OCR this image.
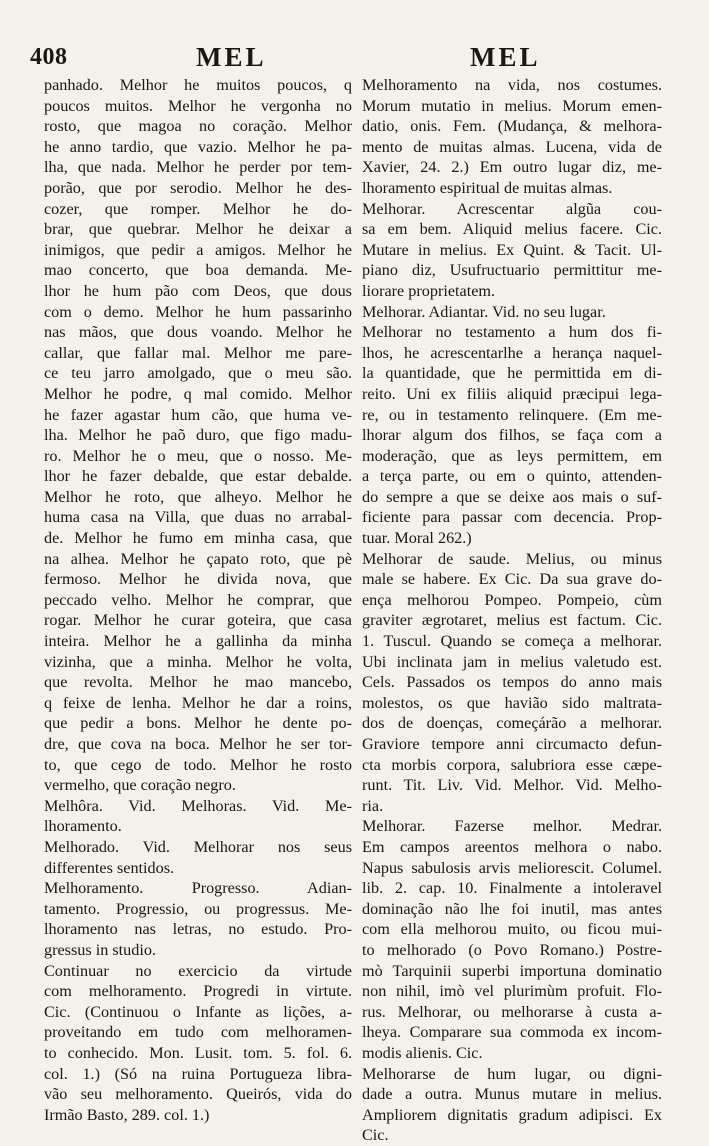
408	MEL	MEL
panhado. Melhor he muitos poucos, q
poucos muitos. Melhor he vergonha no
rosto, que magoa no coração. Melhor
he anno tardio, que vazio. Melhor he pa-
lha, que nada. Melhor he perder por tem-
porão, que por serodio. Melhor he des-
cozer, que romper. Melhor he do-
brar, que quebrar. Melhor he deixar a
inimigos, que pedir a amigos. Melhor he
mao concerto, que boa demanda. Me-
lhor he hum pão com Deos, que dous
com o demo. Melhor he hum passarinho
nas mãos, que dous voando. Melhor he
callar, que fallar mal. Melhor me pare-
ce teu jarro amolgado, que o meu são.
Melhor he podre, q mal comido. Melhor
he fazer agastar hum cão, que huma ve-
lha. Melhor he paõ duro, que figo madu-
ro. Melhor he o meu, que o nosso. Me-
lhor he fazer debalde, que estar debalde.
Melhor he roto, que alheyo. Melhor he
huma casa na Villa, que duas no arrabal-
de. Melhor he fumo em minha casa, que
na alhea. Melhor he çapato roto, que pè
fermoso. Melhor he divida nova, que
peccado velho. Melhor he comprar, que
rogar. Melhor he curar goteira, que casa
inteira. Melhor he a gallinha da minha
vizinha, que a minha. Melhor he volta,
que revolta. Melhor he mao mancebo,
q feixe de lenha. Melhor he dar a roins,
que pedir a bons. Melhor he dente po-
dre, que cova na boca. Melhor he ser tor-
to, que cego de todo. Melhor he rosto
vermelho, que coração negro.
Melhôra. Vid. Melhoras. Vid. Me-
lhoramento.
Melhorado. Vid. Melhorar nos seus
differentes sentidos.
Melhoramento. Progresso. Adian-
tamento. Progressio, ou progressus. Me-
lhoramento nas letras, no estudo. Pro-
gressus in studio.
Continuar no exercicio da virtude
com melhoramento. Progredi in virtute.
Cic. (Continuou o Infante as lições, a-
proveitando em tudo com melhoramen-
to conhecido. Mon. Lusit. tom. 5. fol. 6.
col. 1.) (Só na ruina Portugueza libra-
vão seu melhoramento. Queirós, vida do
Irmão Basto, 289. col. 1.)
Melhoramento na vida, nos costumes.
Morum mutatio in melius. Morum emen-
datio, onis. Fem. (Mudança, & melhora-
mento de muitas almas. Lucena, vida de
Xavier, 24. 2.) Em outro lugar diz, me-
lhoramento espiritual de muitas almas.
Melhorar. Acrescentar algũa cou-
sa em bem. Aliquid melius facere. Cic.
Mutare in melius. Ex Quint. & Tacit. Ul-
piano diz, Usufructuario permittitur me-
liorare proprietatem.
Melhorar. Adiantar. Vid. no seu lugar.
Melhorar no testamento a hum dos fi-
lhos, he acrescentarlhe a herança naquel-
la quantidade, que he permittida em di-
reito. Uni ex filiis aliquid præcipui lega-
re, ou in testamento relinquere. (Em me-
lhorar algum dos filhos, se faça com a
moderação, que as leys permittem, em
a terça parte, ou em o quinto, attenden-
do sempre a que se deixe aos mais o suf-
ficiente para passar com decencia. Prop-
tuar. Moral 262.)
Melhorar de saude. Melius, ou minus
male se habere. Ex Cic. Da sua grave do-
ença melhorou Pompeo. Pompeio, cùm
graviter ægrotaret, melius est factum. Cic.
1. Tuscul. Quando se começa a melhorar.
Ubi inclinata jam in melius valetudo est.
Cels. Passados os tempos do anno mais
molestos, os que havião sido maltrata-
dos de doenças, começárão a melhorar.
Graviore tempore anni circumacto defun-
cta morbis corpora, salubriora esse cæpe-
runt. Tit. Liv. Vid. Melhor. Vid. Melho-
ria.
Melhorar. Fazerse melhor. Medrar.
Em campos areentos melhora o nabo.
Napus sabulosis arvis meliorescit. Columel.
lib. 2. cap. 10. Finalmente a intoleravel
dominação não lhe foi inutil, mas antes
com ella melhorou muito, ou ficou mui-
to melhorado (o Povo Romano.) Postre-
mò Tarquinii superbi importuna dominatio
non nihil, imò vel plurimùm profuit. Flo-
rus. Melhorar, ou melhorarse à custa a-
lheya. Comparare sua commoda ex incom-
modis alienis. Cic.
Melhorarse de hum lugar, ou digni-
dade a outra. Munus mutare in melius.
Ampliorem dignitatis gradum adipisci. Ex
Cic.
